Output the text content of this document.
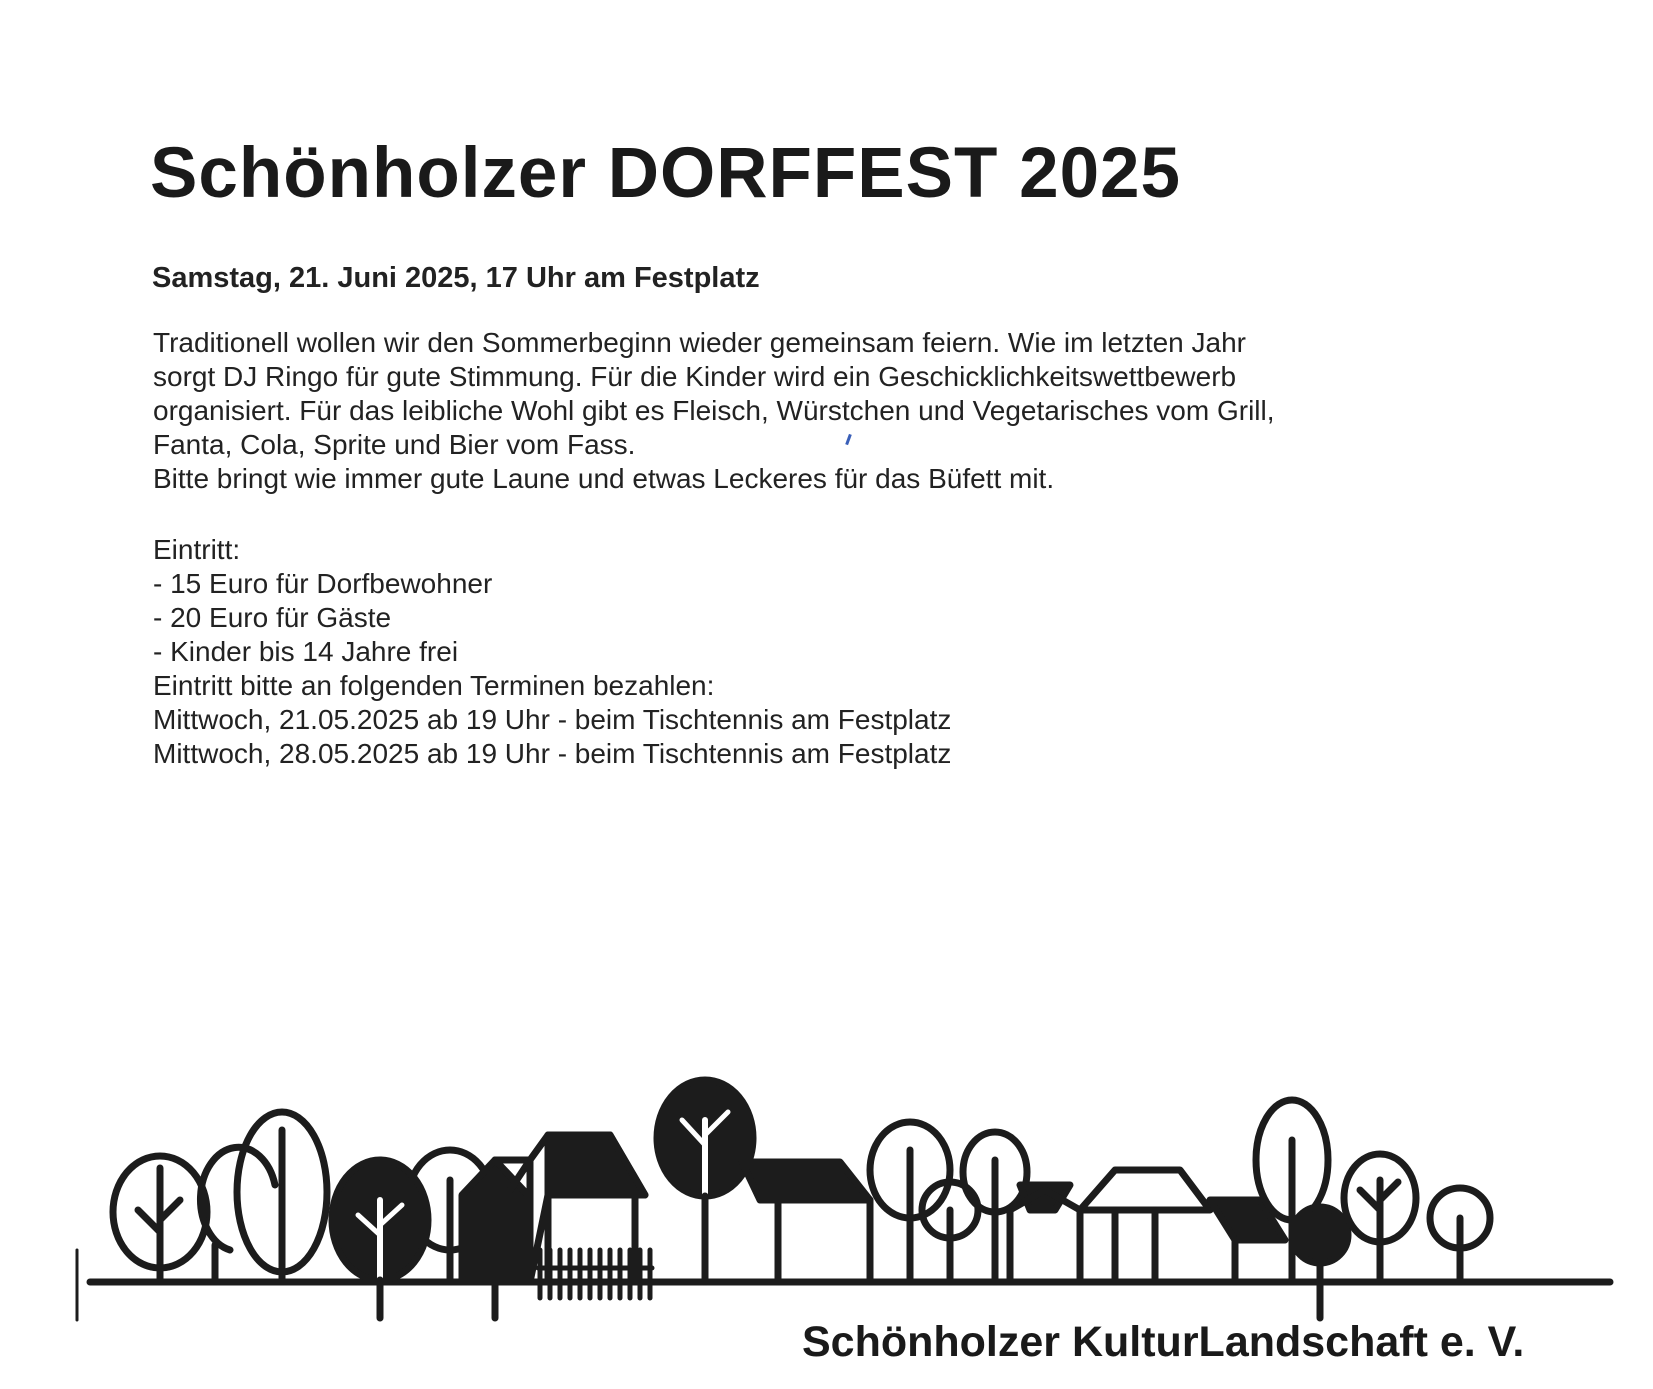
Schönholzer DORFFEST 2025
Samstag, 21. Juni 2025, 17 Uhr am Festplatz
Traditionell wollen wir den Sommerbeginn wieder gemeinsam feiern. Wie im letzten Jahr
sorgt DJ Ringo für gute Stimmung. Für die Kinder wird ein Geschicklichkeitswettbewerb
organisiert. Für das leibliche Wohl gibt es Fleisch, Würstchen und Vegetarisches vom Grill,
Fanta, Cola, Sprite und Bier vom Fass.
Bitte bringt wie immer gute Laune und etwas Leckeres für das Büfett mit.
Eintritt:
- 15 Euro für Dorfbewohner
- 20 Euro für Gäste
- Kinder bis 14 Jahre frei
Eintritt bitte an folgenden Terminen bezahlen:
Mittwoch, 21.05.2025 ab 19 Uhr - beim Tischtennis am Festplatz
Mittwoch, 28.05.2025 ab 19 Uhr - beim Tischtennis am Festplatz

Schönholzer KulturLandschaft e. V.
